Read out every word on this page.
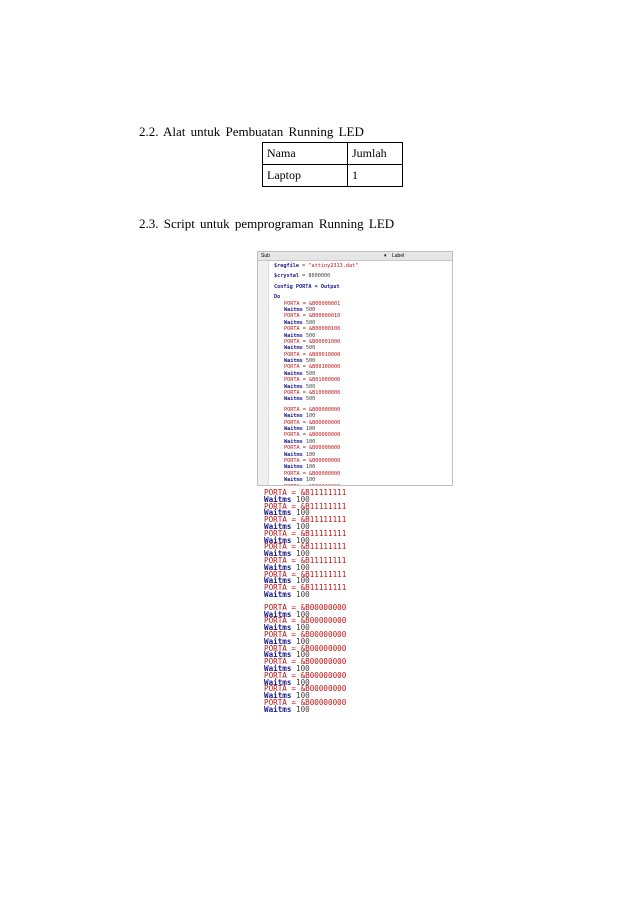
2.2. Alat untuk Pembuatan Running LED
Nama	Jumlah
Laptop	1
2.3. Script untuk pemprograman Running LED
Sub	▾ Label
$regfile = "attiny2313.dat"
$crystal = 8000000
Config PORTA = Output
Do
PORTA = &B00000001
Waitms 500
PORTA = &B00000010
Waitms 500
PORTA = &B00000100
Waitms 500
PORTA = &B00001000
Waitms 500
PORTA = &B00010000
Waitms 500
PORTA = &B00100000
Waitms 500
PORTA = &B01000000
Waitms 500
PORTA = &B10000000
Waitms 500
PORTA = &B00000000
Waitms 100
PORTA = &B00000000
Waitms 100
PORTA = &B00000000
Waitms 100
PORTA = &B00000000
Waitms 100
PORTA = &B00000000
Waitms 100
PORTA = &B00000000
Waitms 100

PORTA = &B11111111
Waitms 100
PORTA = &B11111111
Waitms 100
PORTA = &B11111111
Waitms 100
PORTA = &B11111111
Waitms 100
PORTA = &B11111111
Waitms 100
PORTA = &B11111111
Waitms 100
PORTA = &B11111111
Waitms 100
PORTA = &B11111111
Waitms 100
PORTA = &B00000000
Waitms 100
PORTA = &B00000000
Waitms 100
PORTA = &B00000000
Waitms 100
PORTA = &B00000000
Waitms 100
PORTA = &B00000000
Waitms 100
PORTA = &B00000000
Waitms 100
PORTA = &B00000000
Waitms 100
PORTA = &B00000000
Waitms 100
